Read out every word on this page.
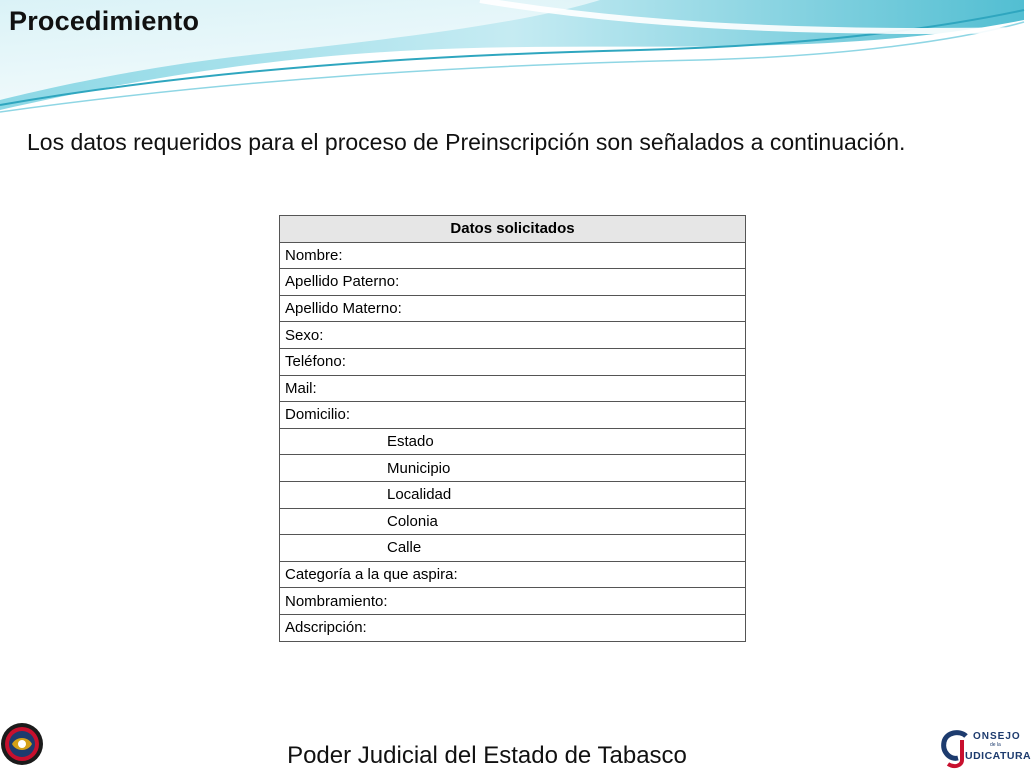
Procedimiento
Los datos requeridos para el proceso de Preinscripción son señalados a continuación.
Datos solicitados
Nombre:
Apellido Paterno:
Apellido Materno:
Sexo:
Teléfono:
Mail:
Domicilio:
Estado
Municipio
Localidad
Colonia
Calle
Categoría a la que aspira:
Nombramiento:
Adscripción:
ONSEJO
de la
UDICATURA
Poder Judicial del Estado de Tabasco
